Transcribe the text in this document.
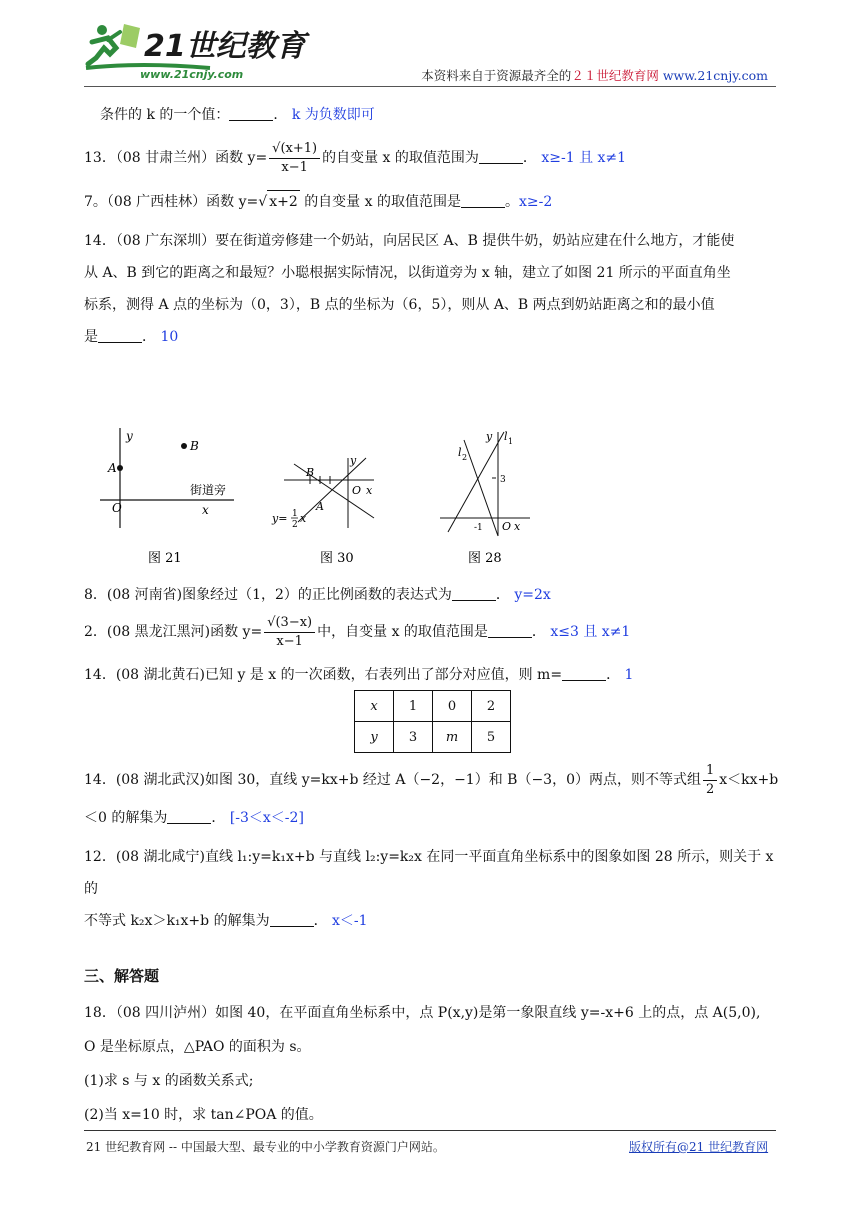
21世纪教育
www.21cnjy.com	本资料来自于资源最齐全的２１世纪教育网 www.21cnjy.com

条件的 k 的一个值：	． k 为负数即可

13．（08 甘肃兰州）函数 $y= \frac{√(x+1)}{x-1}$ 的自变量 x 的取值范围为	． x≥-1 且 x≠1

7。（08 广西桂林）函数 y=√ x+2 的自变量 x 的取值范围是	。x≥-2

14．（08 广东深圳）要在街道旁修建一个奶站，向居民区 A、B 提供牛奶，奶站应建在什么地方，才能使
从 A、B 到它的距离之和最短？小聪根据实际情况，以街道旁为 x 轴，建立了如图 21 所示的平面直角坐
标系，测得 A 点的坐标为（0，3），B 点的坐标为（6，5），则从 A、B 两点到奶站距离之和的最小值
是	． 10
y
A
B
街道旁
O	x
图 21
y
x
O
B
A
y= 1
2 x
图 30
y l 1
l 2
3
-1 O x
图 28

8．(08 河南省)图象经过（1，2）的正比例函数的表达式为	． y=2x

2．(08 黑龙江黑河)函数 $y= \frac{√(3-x)}{x-1}$ 中，自变量 x 的取值范围是	． x≤3 且 x≠1

14．(08 湖北黄石)已知 y 是 x 的一次函数，右表列出了部分对应值，则 m=	． 1

x	1	0	2
y	3	m	5
14．(08 湖北武汉)如图 30，直线 y=kx+b 经过 A（−2，−1）和 B（−3，0）两点，则不等式组 $\frac{1}{2} x<kx+b$
＜0 的解集为	． [-3＜x＜-2]
12．(08 湖北咸宁)直线 l₁:y=k₁x+b 与直线 l₂:y=k₂x 在同一平面直角坐标系中的图象如图 28 所示，则关于 x 的
不等式 k₂x＞k₁x+b 的解集为	． x＜-1
三、解答题
18．（08 四川泸州）如图 40，在平面直角坐标系中，点 P(x,y)是第一象限直线 y=-x+6 上的点，点 A(5,0),
O 是坐标原点，△PAO 的面积为 s。
(1)求 s 与 x 的函数关系式;
(2)当 x=10 时，求 tan∠POA 的值。
21 世纪教育网 -- 中国最大型、最专业的中小学教育资源门户网站。	版权所有@21 世纪教育网
